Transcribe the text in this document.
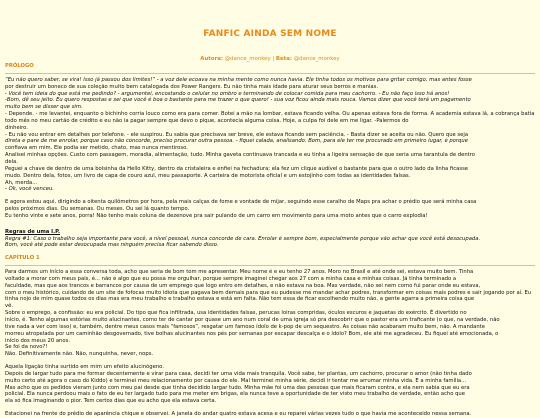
FANFIC AINDA SEM NOME
Autora: @dance_monkey | Beta: @dance_monkey
PRÓLOGO

“Eu não quero saber, se vira! Isso já passou dos limites!” - a voz dele ecoava na minha mente como nunca havia. Ele tinha todos os motivos para gritar comigo, mas antes fosse

por destruir um boneco de sua coleção muito bem catalogada dos Power Rangers. Eu não tinha mais idade para aturar seus berros e manias.

- Você tem ideia do que está me pedindo? - argumentei, encostando o celular no ombro e terminando de colocar comida para meu cachorro. - Eu não faço isso há anos!

-Bom, dê seu jeito. Eu quero respostas e sei que você é boa o bastante para me trazer o que quero! - sua voz ficou ainda mais rouca. Vamos dizer que você terá um pagamento

muito bem se disser que sim.

- Depende. - me levantei, enquanto o bichinho corria louco como era para comer. Botei a mão na lombar, estava ficando velha. Ou apenas estava fora de forma. A academia estava lá, a cobrança batia todo mês no meu cartão de crédito e eu não ia pagar sempre que devo o pique, acontecia alguma coisa. Hoje, a culpa foi dele em me ligar. -Palermos do

dinheiro.

- Eu não vou entrar em detalhes por telefone. - ele suspirou. Eu sabia que precisava ser breve, ele estava ficando sem paciência. - Basta dizer se aceita ou não. Quero que seja

direta e pare de me enrolar, porque caso não concorde, preciso procurar outra pessoa. - fiquei calada, analisando. Bom, para ele ter me procurado em primeiro lugar, é porque

confiava em mim. Ele podia ser metido, chato, mas nunca mentiroso.

Analisei minhas opções. Custo com passagem, moradia, alimentação, tudo. Minha gaveta continuava trancada e eu tinha a ligeira sensação de que seria uma tarantula de dentro

dela.

Peguei a chave de dentro de uma bolsinha da Hello Kitty, dentro da cristaleira e enfiei na fechadura; ela fez um clique audível o bastante para que o outro lado da linha ficasse

mudo. Dentro dela, fotos, um livro de capa de couro azul, meu passaporte. A carteira de motorista oficial e um estojinho com todas as identidades falsas.

Ah, merda...

- Ok, você venceu.

E agora estou aqui, dirigindo a oitenta quilômetros por hora, pela mais calças de fome e vontade de mijar, seguindo esse caralho de Maps pra achar o prédio que será minha casa

pelos próximos dias. Ou semanas. Ou meses. Ou sei lá quanto tempo.

Eu tenho vinte e sete anos, porra! Não tenho mais coluna de dezenove pra sair pulando de um carro em movimento para uma moto antes que o carro explodia!

Regras de uma I.P.

Regra #1: Caso o trabalho seja importante para você, a nível pessoal, nunca concorde de cara. Enrolar é sempre bom, especialmente porque vão achar que você está desocupada.

Bom, você até pode estar desocupada mas ninguém precisa ficar sabendo disso.

CAPÍTULO 1

Para darmos um início a essa conversa toda, acho que seria de bom tom me apresentar. Meu nome é e eu tenho 27 anos. Moro no Brasil e até onde sei, estava muito bem. Tinha

voltado a morar com meus pais, é... não é algo que eu possa me orgulhar, porque sempre imaginei chegar aos 27 com a minha casa e minhas coisas. Já tinha terminado a

faculdade, mas que aos trancos e barrancos por causa de um emprego que logo entro em detalhes, e não estava na boa. Mas verdade, não sei nem como fui parar onde eu estava,

com o meu histórico, cuidando de um site de fofocas muito idiota que pagava bem demais para que eu pudesse me mandar achar podres, transformar em coisas mais podres e sair jogando por aí. Eu

tinha nojo de mim quase todos os dias mas era meu trabalho e trabalho estava e está em falta. Não tem essa de ficar escolhendo muito não, a gente agarra a primeira coisa que

vê.

Sobre o emprego, a confissão: eu era policial. Do tipo que fica infiltrada, usa identidades falsas, perucas loiras compridas, óculos escuros e jaquetas do exército. É divertido no

início, é. Tenho algumas estórias muito alucinantes, como ter de cantar por quase um ano num coral de uma igreja só pra descobrir que o pastor era um traficante (o que, na verdade, não

tive nada a ver com isso) e, também, dentre meus casos mais “famosos”, resgatar um famoso ídolo de k-pop de um sequestro. As coisas não acabaram muito bem, não. A mandante

morreu atropelada por um caminhão desgovernado, tive bolhas alucinantes nos pés por semanas por escapar descalça e o ídolo? Bom, ele até me agradeceu. Eu fiquei até emocionada, o

início dos meus 20 anos.

Se foi da novo?!

Não. Definitivamente não. Não, nunquinha, never, nops.

Aquela ligação tinha surtido em mim um efeito alucinógeno.

Depois de largar tudo para me formar decentemente e virar para casa, decidi ter uma vida mais tranquila. Você sabe, ter plantas, um cachorro, procurar o amor (não tinha dado

muito certo até agora o caso do Kiddo) e terminei meu relacionamento por causa do ele. Mal terminei minha série, decidi ir tentar me arrumar minha vida. E a minha família...

Mas acho que os pedidos vieram junto com meu pai desde que tinha decidido largar tudo. Minha mãe foi uma das pessoas que mais ficaram contra, e ela nem sabia que eu era

policial. Ela nunca perdoou mais o fato de eu ter largado tudo para me meter em brigas, ela nunca teve a oportunidade de ter visto meu trabalho de verdade, então acho que

ela só fica imaginando o pior. Tem certos dias que eu acho que ela estava certa.

Estacionei na frente do prédio de aparência chique e observei. A janela do andar quatro estava acesa e eu reparei várias vezes tudo o que havia me aconteceido nessa semana.
